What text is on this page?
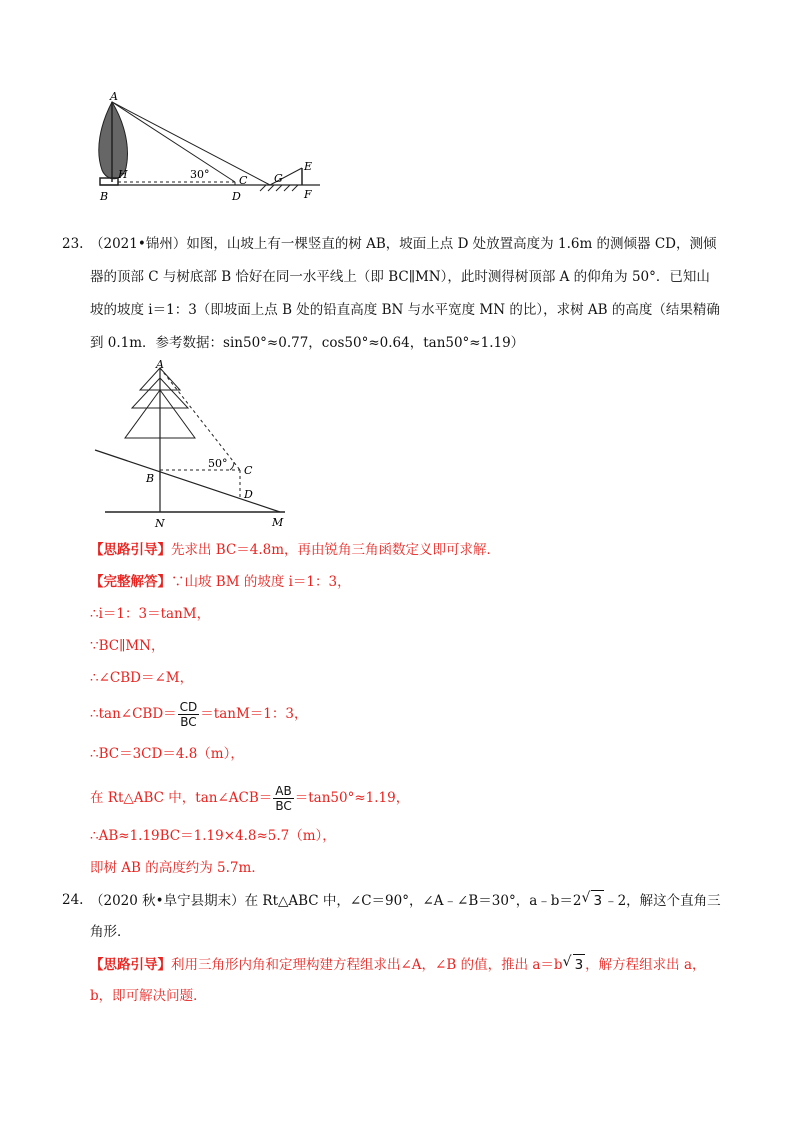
A
H
B
30°	C
D
G
E
F
23. （2021•锦州）如图，山坡上有一棵竖直的树 AB，坡面上点 D 处放置高度为 1.6m 的测倾器 CD，测倾
器的顶部 C 与树底部 B 恰好在同一水平线上（即 BC∥MN），此时测得树顶部 A 的仰角为 50°．已知山
坡的坡度 i＝1：3（即坡面上点 B 处的铅直高度 BN 与水平宽度 MN 的比），求树 AB 的高度（结果精确
到 0.1m．参考数据：sin50°≈0.77，cos50°≈0.64，tan50°≈1.19）
A
B
C
D
N	M
50°
【思路引导】先求出 BC＝4.8m，再由锐角三角函数定义即可求解．
【完整解答】∵山坡 BM 的坡度 i＝1：3，
∴i＝1：3＝tanM，
∵BC∥MN，
∴∠CBD＝∠M，
∴tan∠CBD＝ $\frac{CD}{BC} =\tan M=1$：3，
∴BC＝3CD＝4.8（m），
在 Rt△ABC 中，tan∠ACB＝ $\frac{AB}{BC} =\tan 50^\circ\approx 1.19$，
∴AB≈1.19BC＝1.19×4.8≈5.7（m），
即树 AB 的高度约为 5.7m．
24. （2020 秋•阜宁县期末）在 Rt△ABC 中，∠C＝90°，∠A﹣∠B＝30°，a﹣b＝2 √ 3 ﹣2，解这个直角三
角形．
【思路引导】利用三角形内角和定理构建方程组求出∠A，∠B 的值，推出 a＝b √ 3 ，解方程组求出 a，
b，即可解决问题．
